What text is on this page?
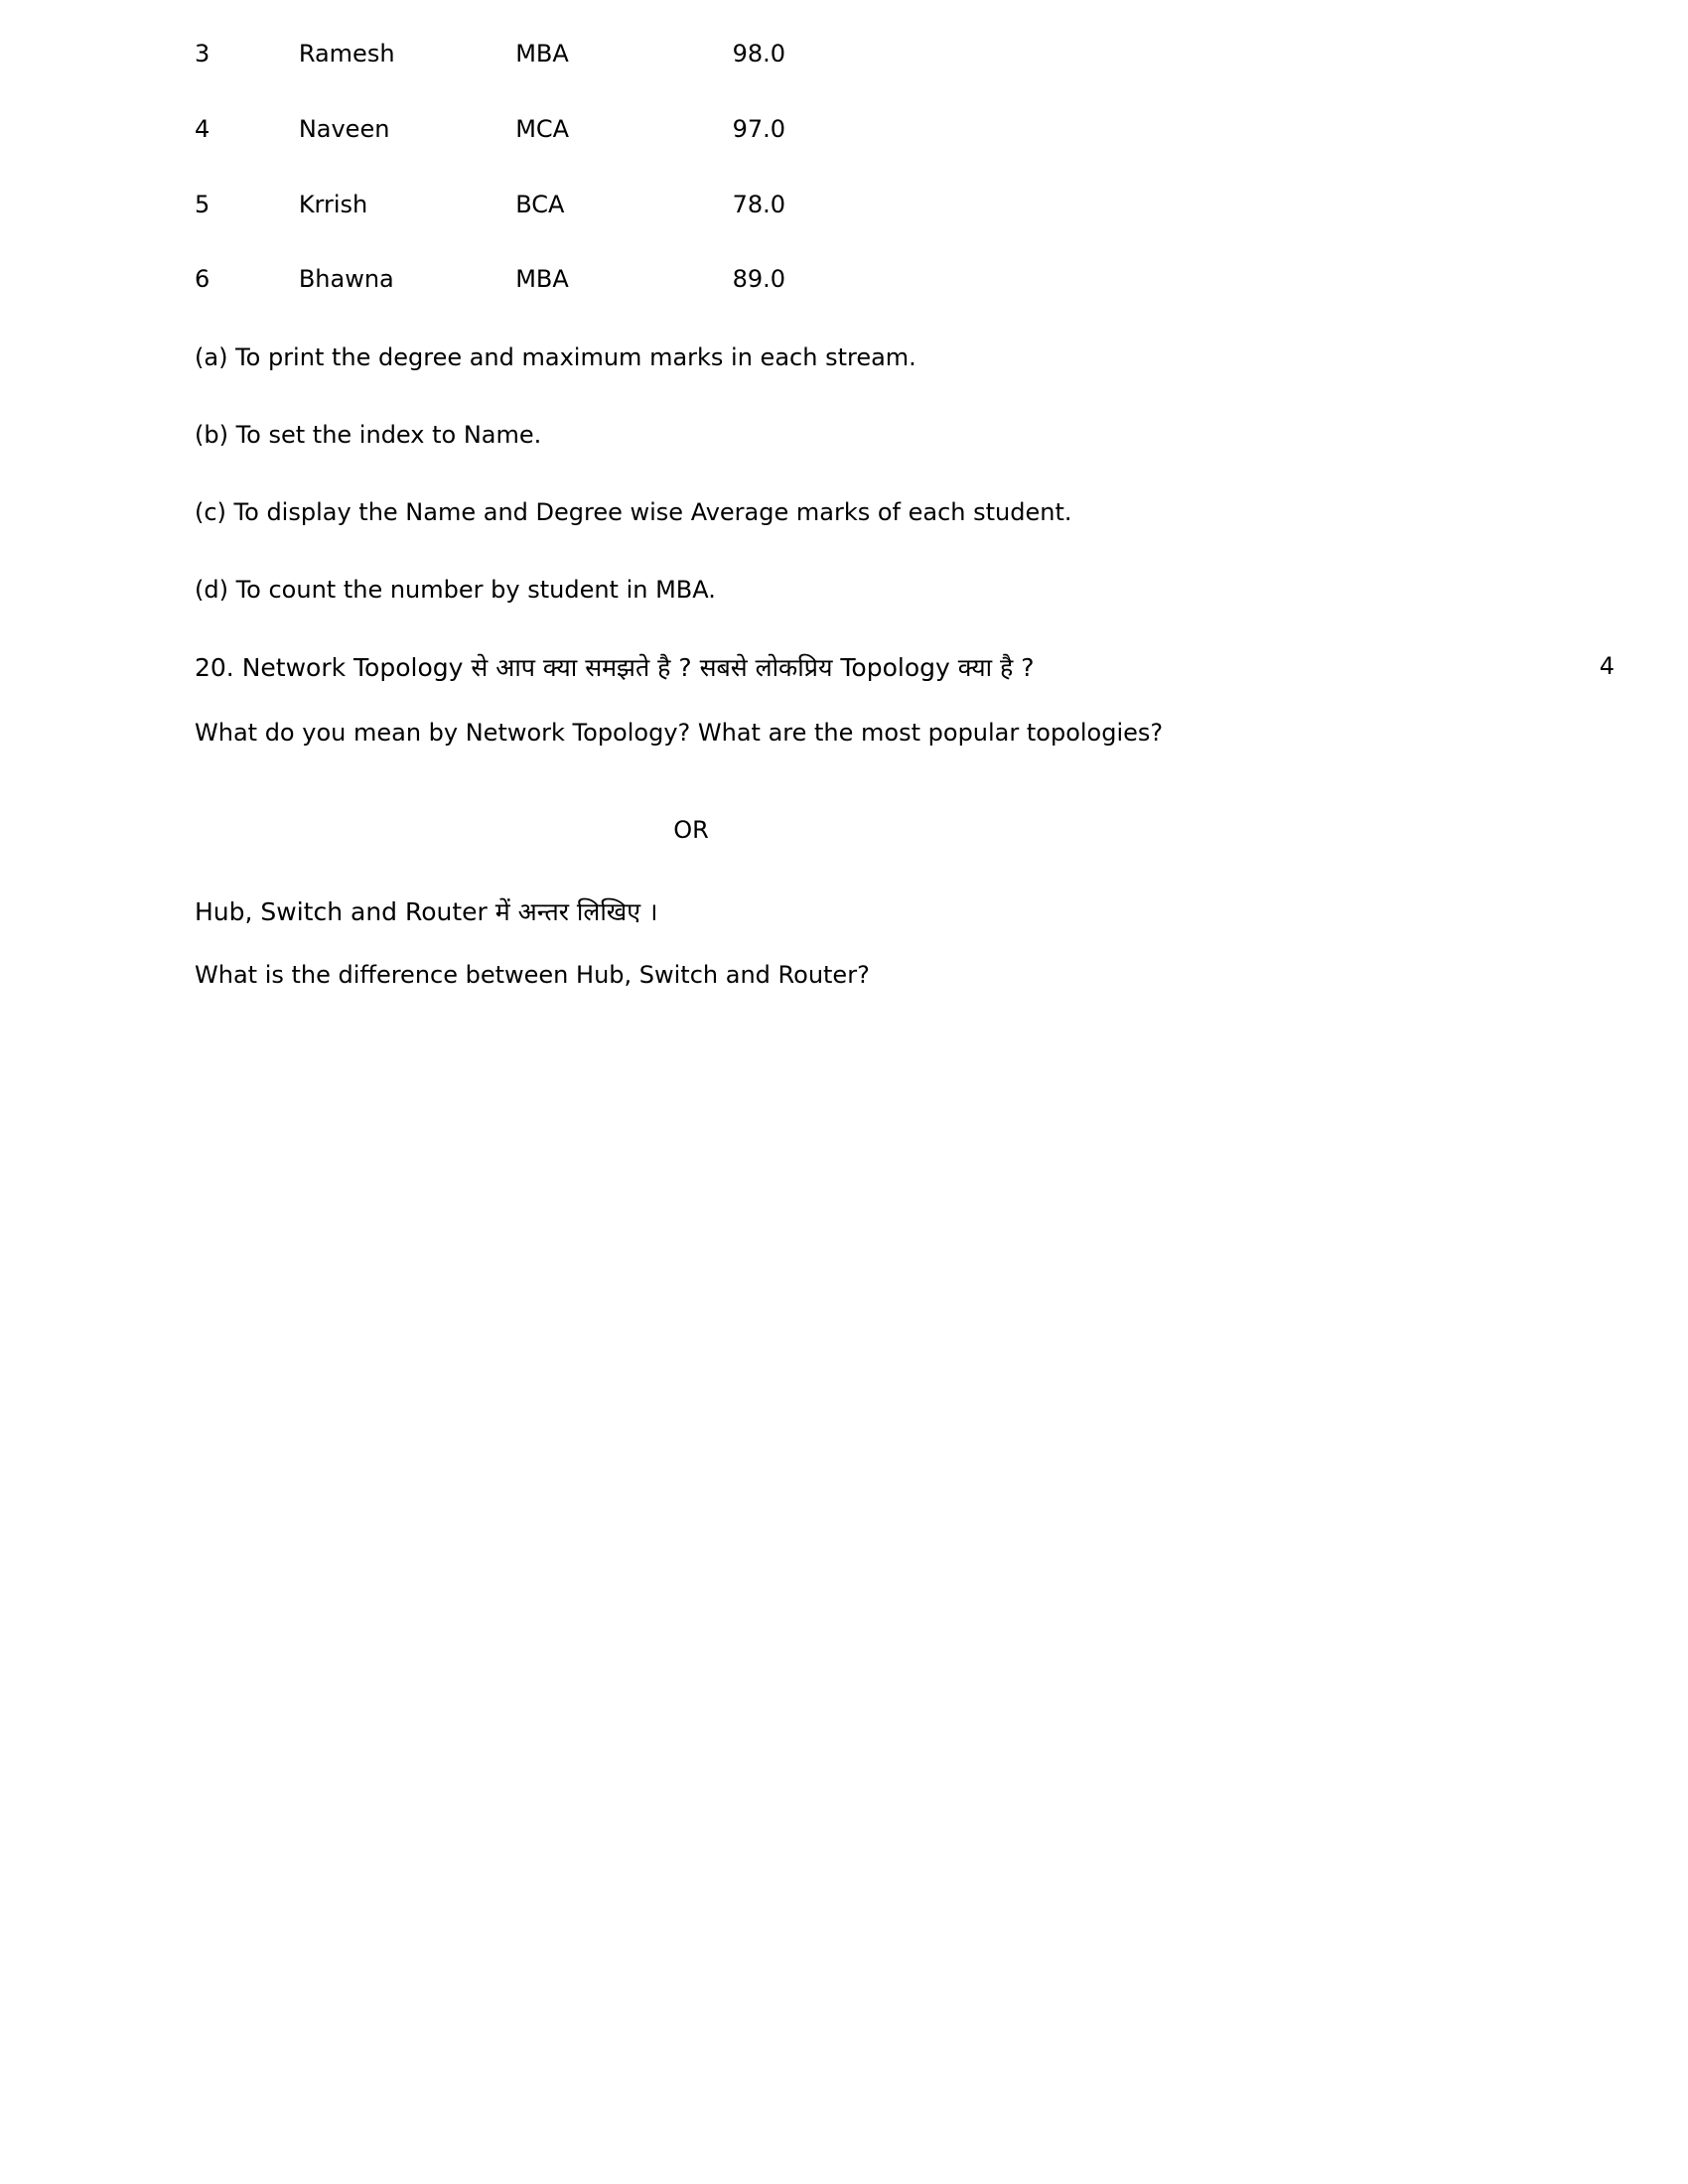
3	Ramesh	MBA	98.0
4	Naveen	MCA	97.0
5	Krrish	BCA	78.0
6	Bhawna	MBA	89.0

(a) To print the degree and maximum marks in each stream.

(b) To set the index to Name.

(c) To display the Name and Degree wise Average marks of each student.

(d) To count the number by student in MBA.

20. Network Topology से आप क्या समझते है ? सबसे लोकप्रिय Topology क्या है ?	4
What do you mean by Network Topology? What are the most popular topologies?
OR
Hub, Switch and Router में अन्तर लिखिए ।
What is the difference between Hub, Switch and Router?
